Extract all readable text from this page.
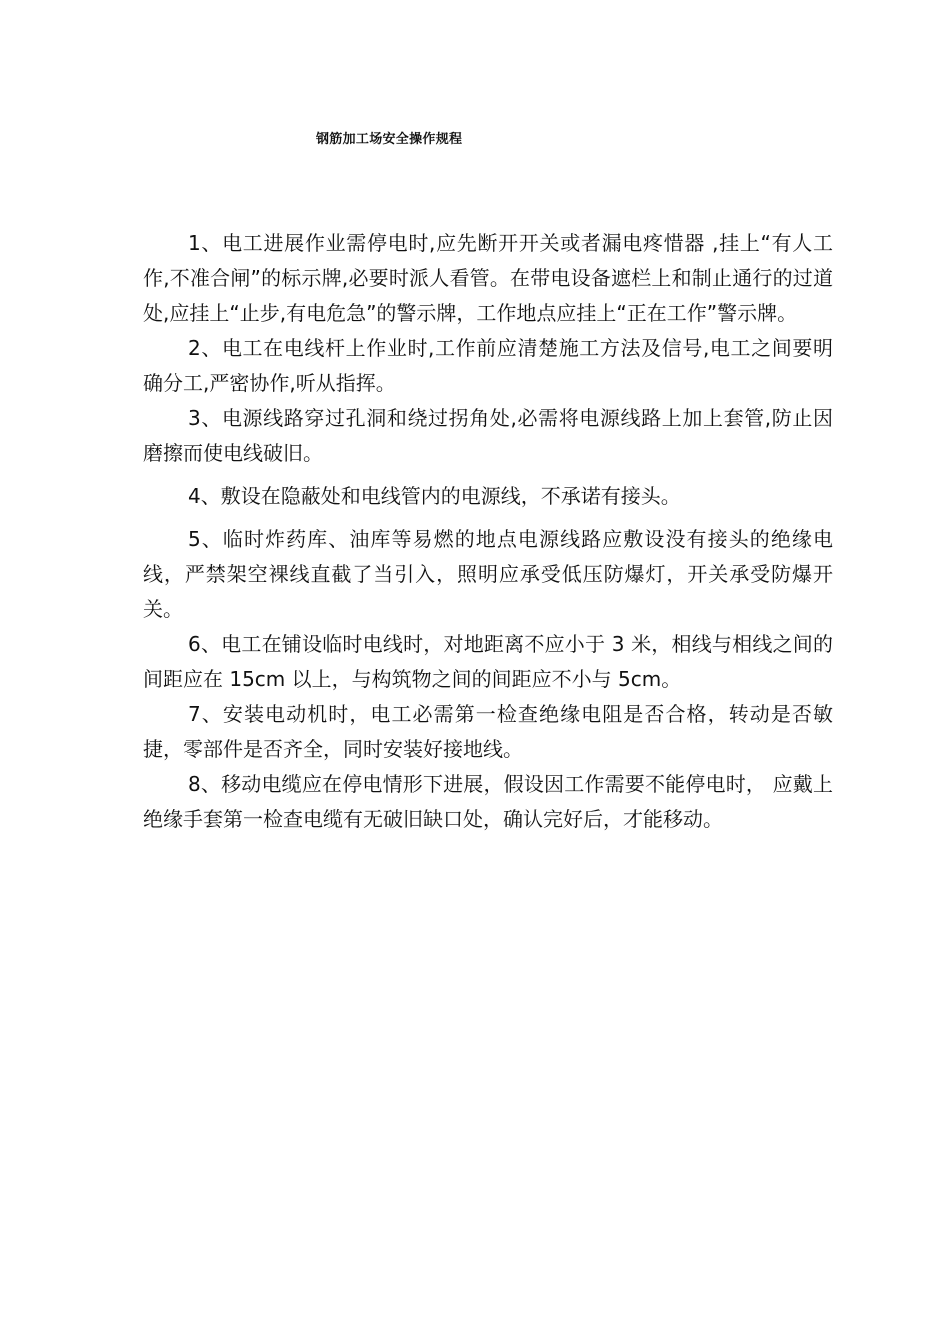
钢筋加工场安全操作规程

1、电工进展作业需停电时,应先断开开关或者漏电疼惜器 ,挂上“有人工作,不准合闸”的标示牌,必要时派人看管。在带电设备遮栏上和制止通行的过道处,应挂上“止步,有电危急”的警示牌，工作地点应挂上“正在工作”警示牌。

2、电工在电线杆上作业时,工作前应清楚施工方法及信号,电工之间要明确分工,严密协作,听从指挥。

3、电源线路穿过孔洞和绕过拐角处,必需将电源线路上加上套管,防止因磨擦而使电线破旧。

4、敷设在隐蔽处和电线管内的电源线，不承诺有接头。

5、临时炸药库、油库等易燃的地点电源线路应敷设没有接头的绝缘电线，严禁架空裸线直截了当引入，照明应承受低压防爆灯，开关承受防爆开关。

6、电工在铺设临时电线时，对地距离不应小于 3 米，相线与相线之间的间距应在 15cm 以上，与构筑物之间的间距应不小与 5cm。

7、安装电动机时，电工必需第一检查绝缘电阻是否合格，转动是否敏捷，零部件是否齐全，同时安装好接地线。

8、移动电缆应在停电情形下进展，假设因工作需要不能停电时， 应戴上绝缘手套第一检查电缆有无破旧缺口处，确认完好后，才能移动。
